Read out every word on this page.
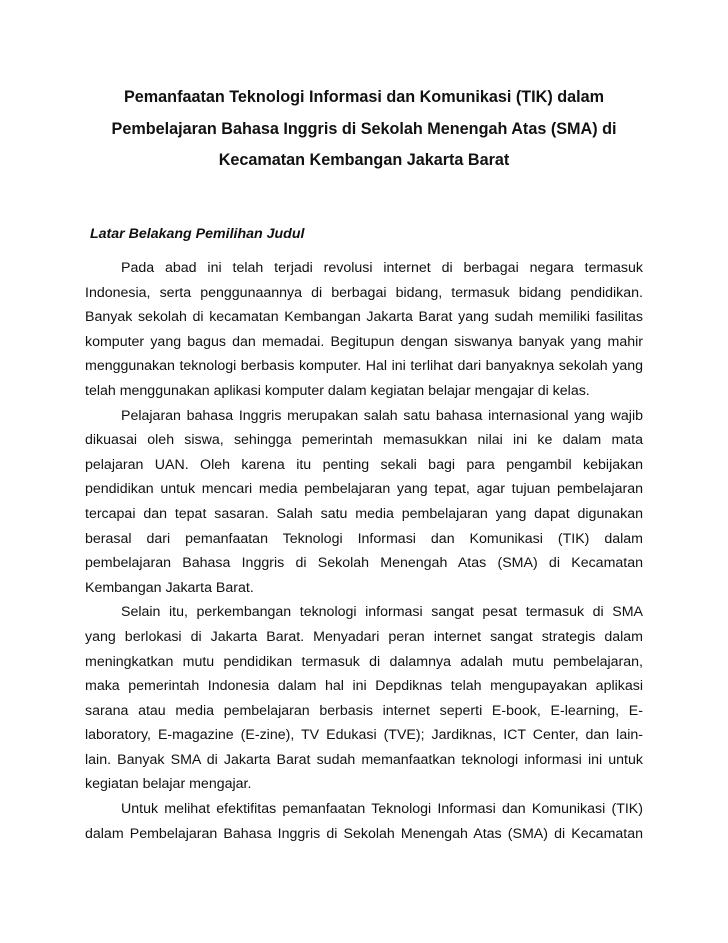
Pemanfaatan Teknologi Informasi dan Komunikasi (TIK) dalam
Pembelajaran Bahasa Inggris di Sekolah Menengah Atas (SMA) di
Kecamatan Kembangan Jakarta Barat
Latar Belakang Pemilihan Judul
Pada abad ini telah terjadi revolusi internet di berbagai negara termasuk
Indonesia, serta penggunaannya di berbagai bidang, termasuk bidang pendidikan.
Banyak sekolah di kecamatan Kembangan Jakarta Barat yang sudah memiliki fasilitas
komputer yang bagus dan memadai. Begitupun dengan siswanya banyak yang mahir
menggunakan teknologi berbasis komputer. Hal ini terlihat dari banyaknya sekolah yang
telah menggunakan aplikasi komputer dalam kegiatan belajar mengajar di kelas.
Pelajaran bahasa Inggris merupakan salah satu bahasa internasional yang wajib
dikuasai oleh siswa, sehingga pemerintah memasukkan nilai ini ke dalam mata
pelajaran UAN. Oleh karena itu penting sekali bagi para pengambil kebijakan
pendidikan untuk mencari media pembelajaran yang tepat, agar tujuan pembelajaran
tercapai dan tepat sasaran. Salah satu media pembelajaran yang dapat digunakan
berasal dari pemanfaatan Teknologi Informasi dan Komunikasi (TIK) dalam
pembelajaran Bahasa Inggris di Sekolah Menengah Atas (SMA) di Kecamatan
Kembangan Jakarta Barat.
Selain itu, perkembangan teknologi informasi sangat pesat termasuk di SMA
yang berlokasi di Jakarta Barat. Menyadari peran internet sangat strategis dalam
meningkatkan mutu pendidikan termasuk di dalamnya adalah mutu pembelajaran,
maka pemerintah Indonesia dalam hal ini Depdiknas telah mengupayakan aplikasi
sarana atau media pembelajaran berbasis internet seperti E-book, E-learning, E-
laboratory, E-magazine (E-zine), TV Edukasi (TVE); Jardiknas, ICT Center, dan lain-
lain. Banyak SMA di Jakarta Barat sudah memanfaatkan teknologi informasi ini untuk
kegiatan belajar mengajar.
Untuk melihat efektifitas pemanfaatan Teknologi Informasi dan Komunikasi (TIK)
dalam Pembelajaran Bahasa Inggris di Sekolah Menengah Atas (SMA) di Kecamatan
